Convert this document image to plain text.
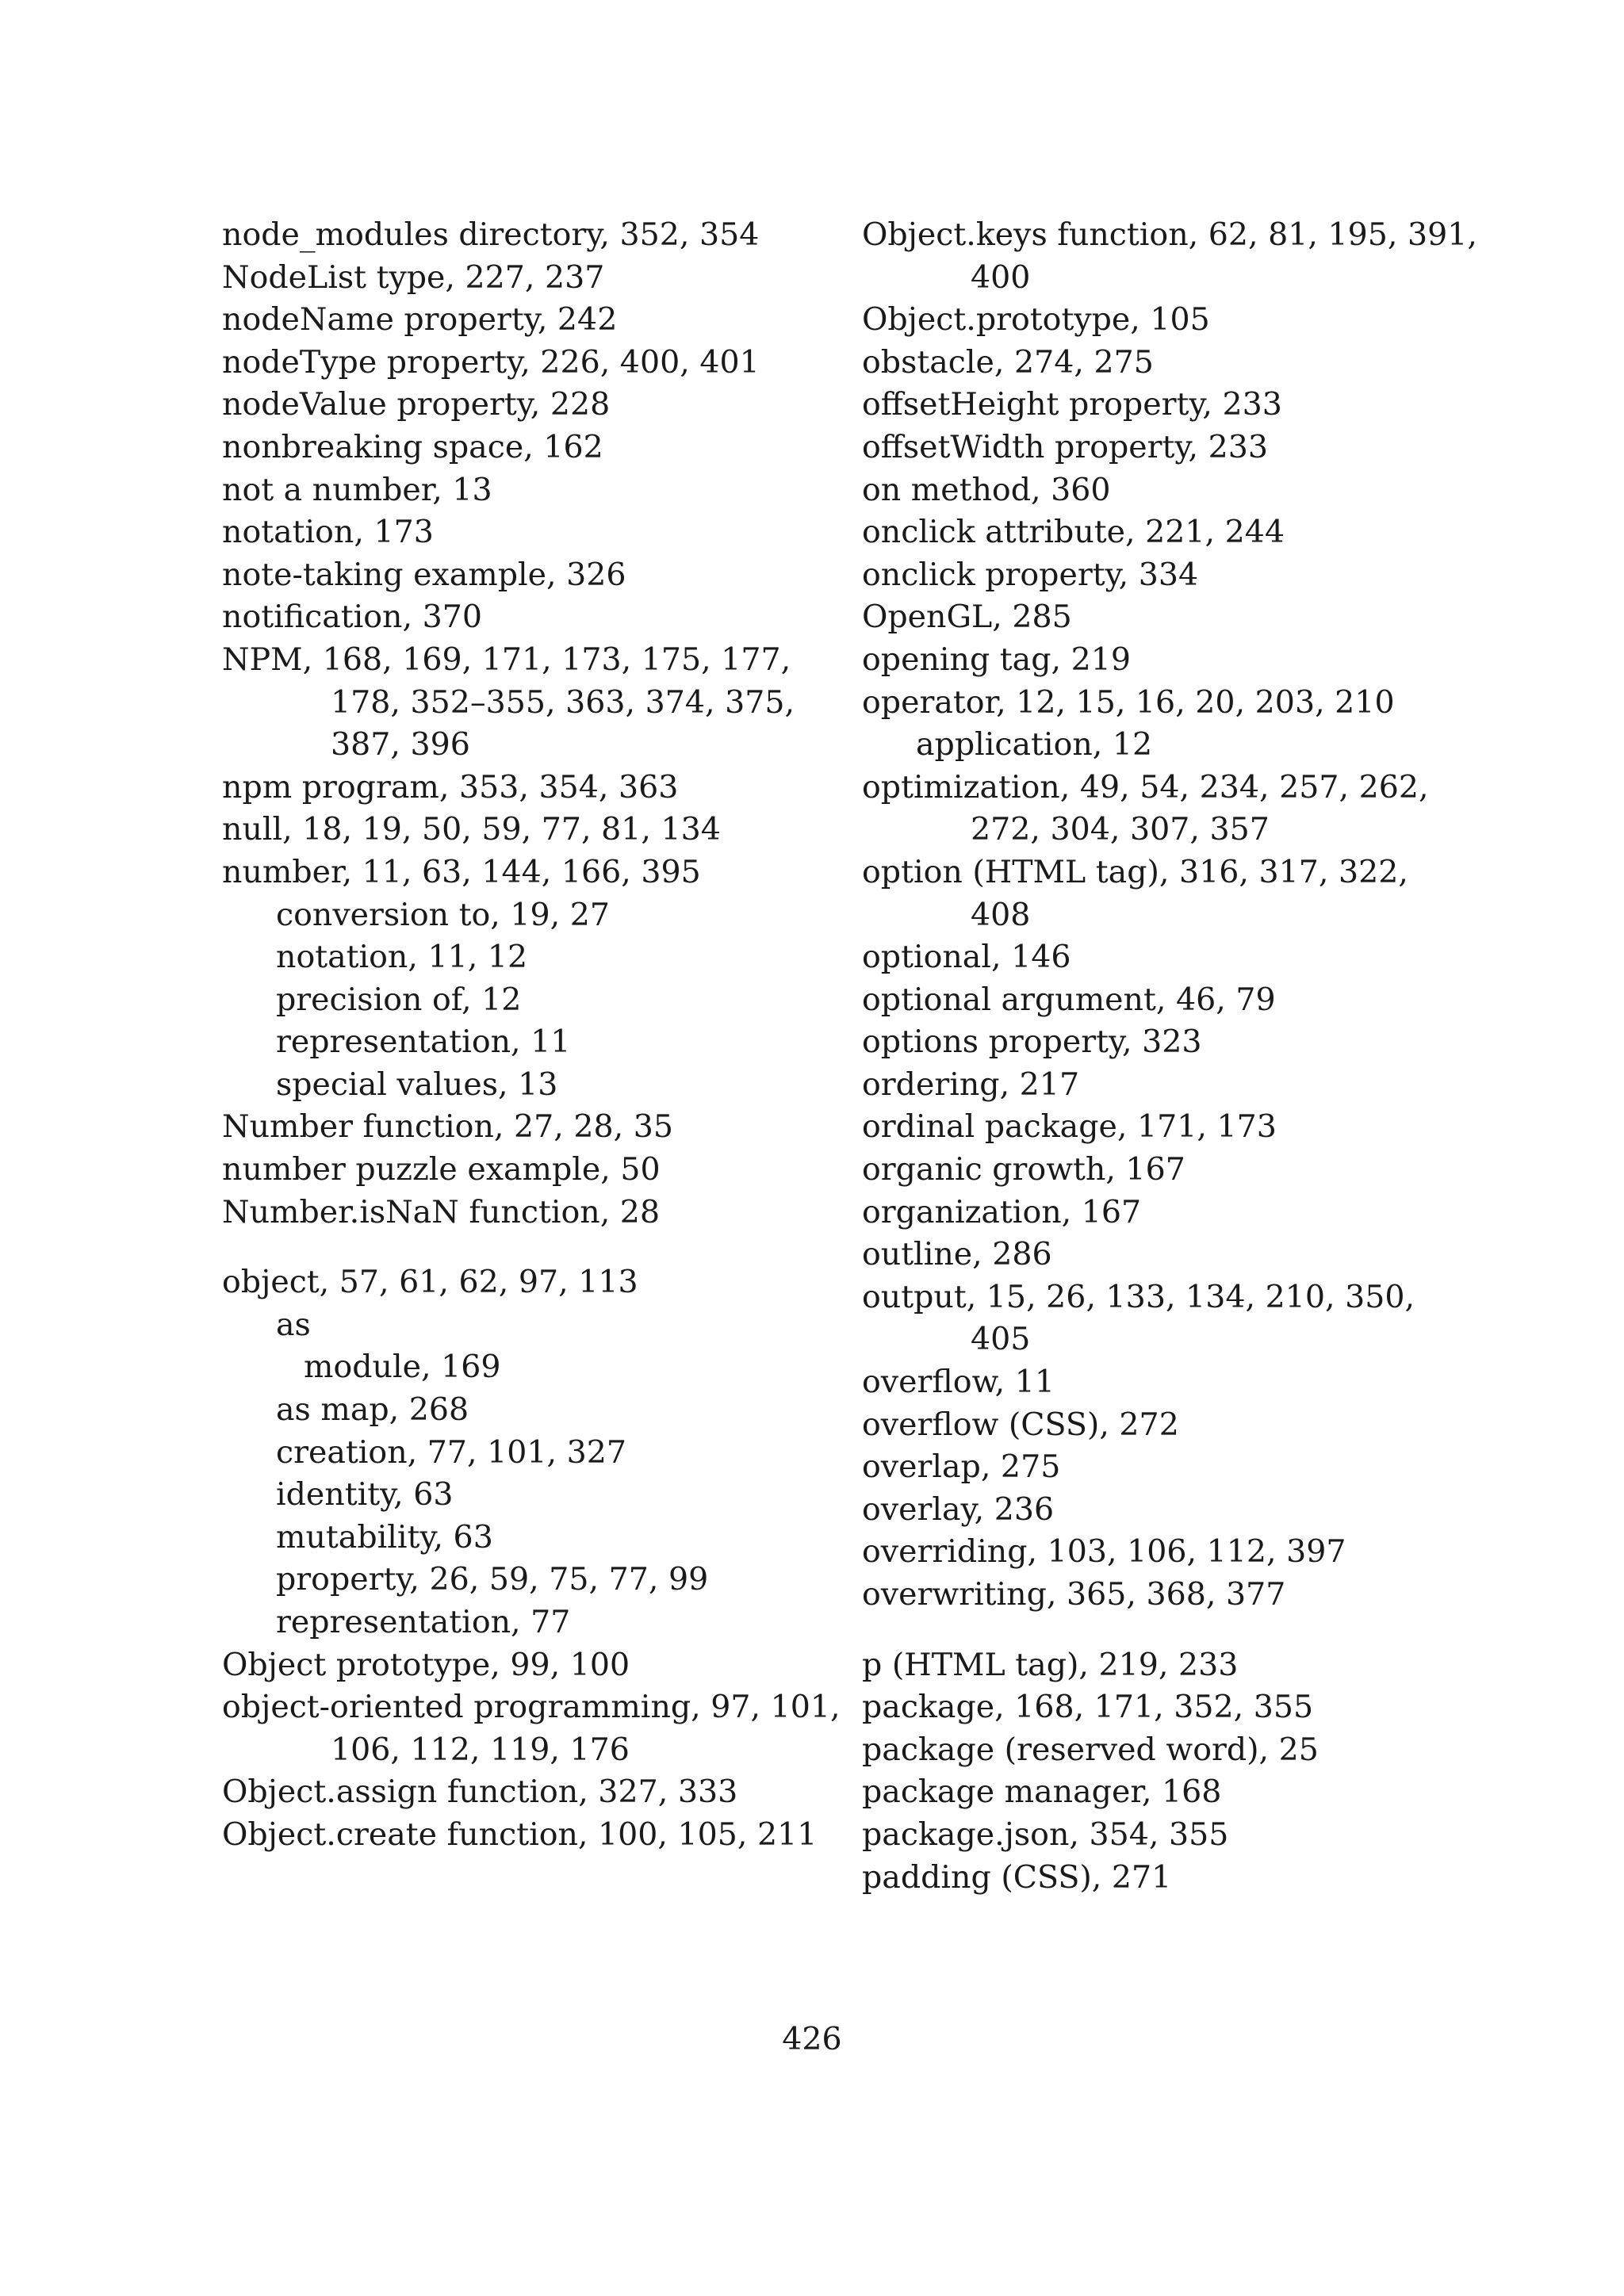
node_modules directory, 352, 354

NodeList type, 227, 237

nodeName property, 242

nodeType property, 226, 400, 401

nodeValue property, 228

nonbreaking space, 162

not a number, 13

notation, 173

note-taking example, 326

notification, 370

NPM, 168, 169, 171, 173, 175, 177,

178, 352–355, 363, 374, 375,

387, 396

npm program, 353, 354, 363

null, 18, 19, 50, 59, 77, 81, 134

number, 11, 63, 144, 166, 395

conversion to, 19, 27

notation, 11, 12

precision of, 12

representation, 11

special values, 13

Number function, 27, 28, 35

number puzzle example, 50

Number.isNaN function, 28

object, 57, 61, 62, 97, 113

as

module, 169

as map, 268

creation, 77, 101, 327

identity, 63

mutability, 63

property, 26, 59, 75, 77, 99

representation, 77

Object prototype, 99, 100

object-oriented programming, 97, 101,

106, 112, 119, 176

Object.assign function, 327, 333

Object.create function, 100, 105, 211

Object.keys function, 62, 81, 195, 391,

400

Object.prototype, 105

obstacle, 274, 275

offsetHeight property, 233

offsetWidth property, 233

on method, 360

onclick attribute, 221, 244

onclick property, 334

OpenGL, 285

opening tag, 219

operator, 12, 15, 16, 20, 203, 210

application, 12

optimization, 49, 54, 234, 257, 262,

272, 304, 307, 357

option (HTML tag), 316, 317, 322,

408

optional, 146

optional argument, 46, 79

options property, 323

ordering, 217

ordinal package, 171, 173

organic growth, 167

organization, 167

outline, 286

output, 15, 26, 133, 134, 210, 350,

405

overflow, 11

overflow (CSS), 272

overlap, 275

overlay, 236

overriding, 103, 106, 112, 397

overwriting, 365, 368, 377

p (HTML tag), 219, 233

package, 168, 171, 352, 355

package (reserved word), 25

package manager, 168

package.json, 354, 355

padding (CSS), 271

426
